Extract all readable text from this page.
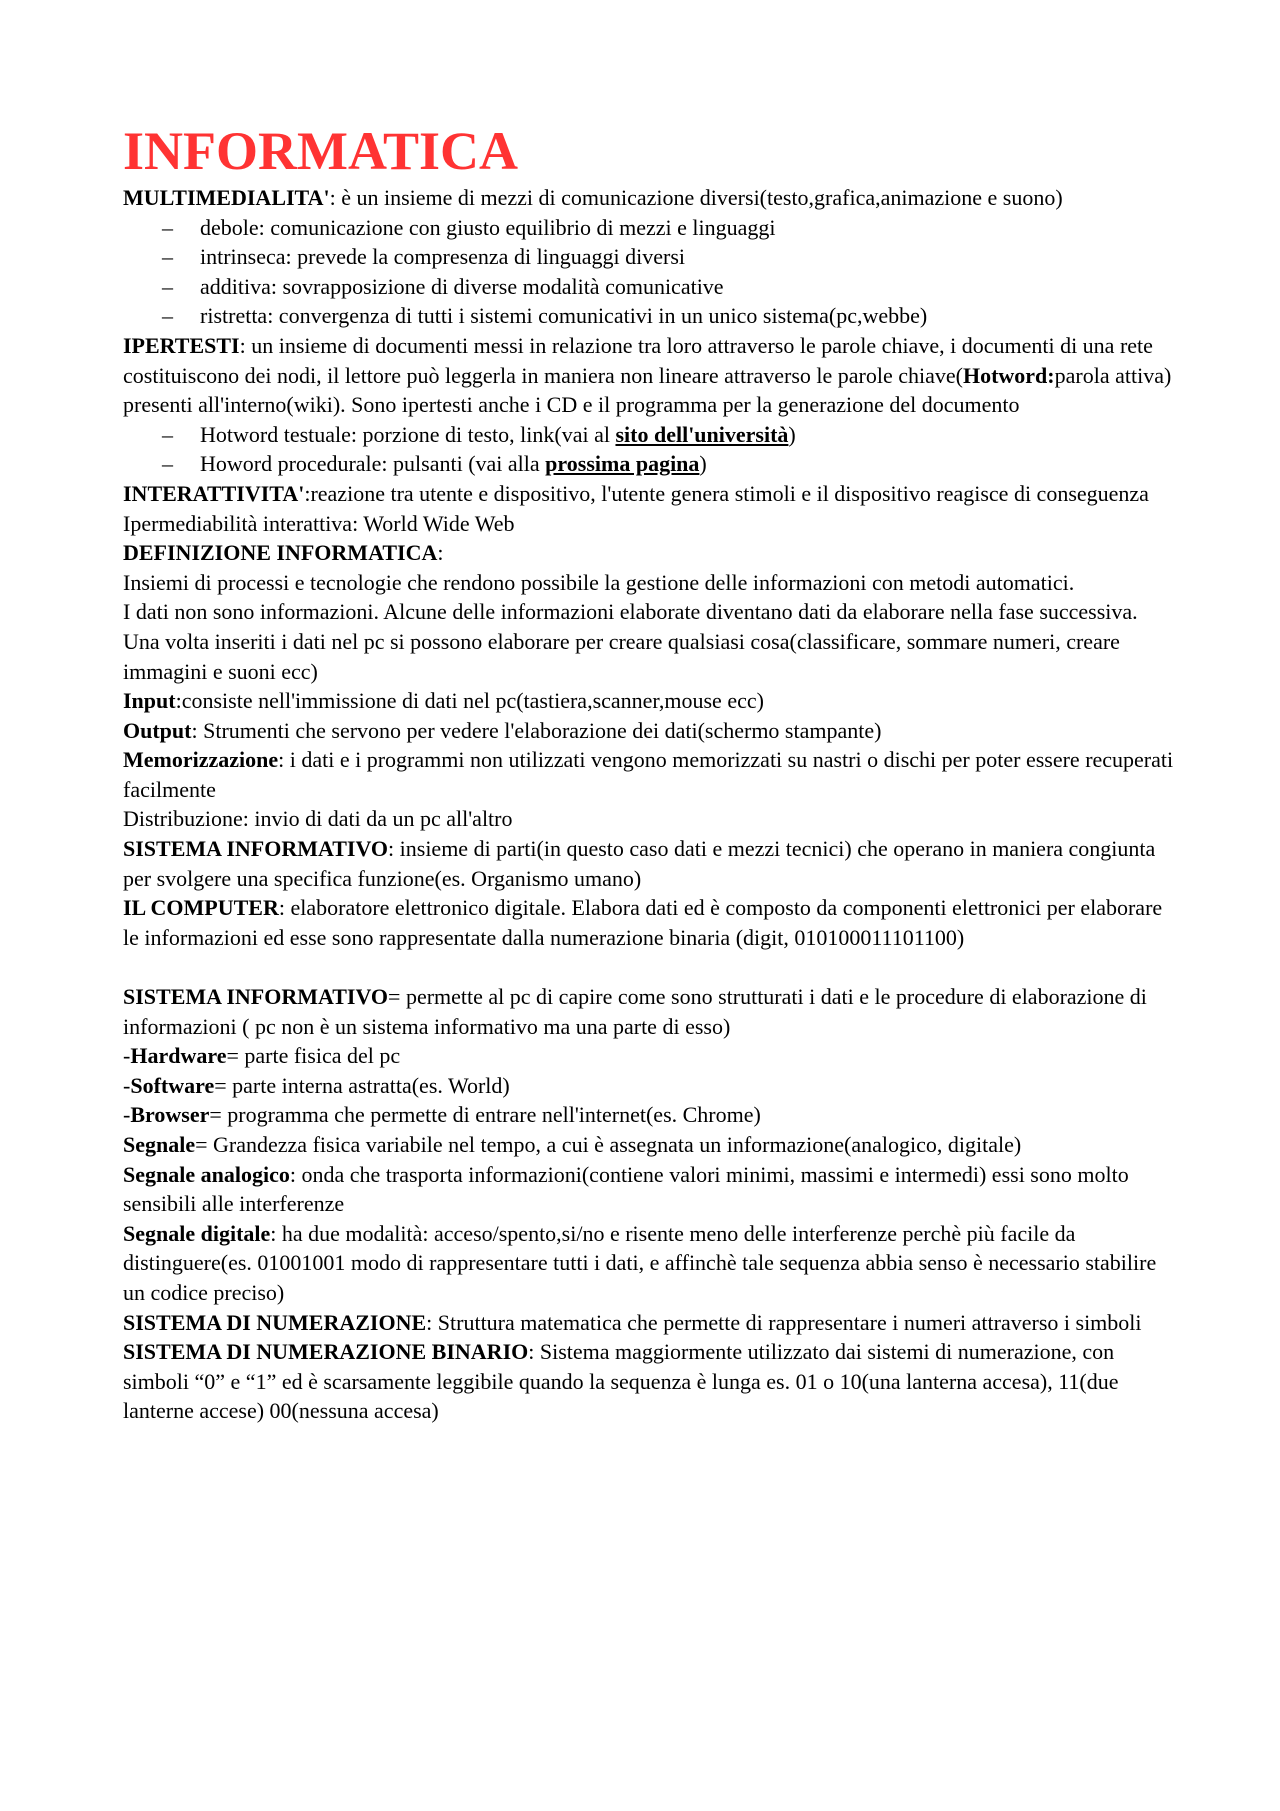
INFORMATICA

MULTIMEDIALITA': è un insieme di mezzi di comunicazione diversi(testo,grafica,animazione e suono)

– debole: comunicazione con giusto equilibrio di mezzi e linguaggi
– intrinseca: prevede la compresenza di linguaggi diversi
– additiva: sovrapposizione di diverse modalità comunicative
– ristretta: convergenza di tutti i sistemi comunicativi in un unico sistema(pc,webbe)

IPERTESTI: un insieme di documenti messi in relazione tra loro attraverso le parole chiave, i documenti di una rete costituiscono dei nodi, il lettore può leggerla in maniera non lineare attraverso le parole chiave(Hotword:parola attiva) presenti all'interno(wiki). Sono ipertesti anche i CD e il programma per la generazione del documento

– Hotword testuale: porzione di testo, link(vai al sito dell'università)
– Howord procedurale: pulsanti (vai alla prossima pagina)

INTERATTIVITA':reazione tra utente e dispositivo, l'utente genera stimoli e il dispositivo reagisce di conseguenza

Ipermediabilità interattiva: World Wide Web

DEFINIZIONE INFORMATICA:

Insiemi di processi e tecnologie che rendono possibile la gestione delle informazioni con metodi automatici.

I dati non sono informazioni. Alcune delle informazioni elaborate diventano dati da elaborare nella fase successiva. Una volta inseriti i dati nel pc si possono elaborare per creare qualsiasi cosa(classificare, sommare numeri, creare immagini e suoni ecc)

Input:consiste nell'immissione di dati nel pc(tastiera,scanner,mouse ecc)

Output: Strumenti che servono per vedere l'elaborazione dei dati(schermo stampante)

Memorizzazione: i dati e i programmi non utilizzati vengono memorizzati su nastri o dischi per poter essere recuperati facilmente

Distribuzione: invio di dati da un pc all'altro

SISTEMA INFORMATIVO: insieme di parti(in questo caso dati e mezzi tecnici) che operano in maniera congiunta per svolgere una specifica funzione(es. Organismo umano)

IL COMPUTER: elaboratore elettronico digitale. Elabora dati ed è composto da componenti elettronici per elaborare le informazioni ed esse sono rappresentate dalla numerazione binaria (digit, 010100011101100)

SISTEMA INFORMATIVO= permette al pc di capire come sono strutturati i dati e le procedure di elaborazione di informazioni ( pc non è un sistema informativo ma una parte di esso)

-Hardware= parte fisica del pc

-Software= parte interna astratta(es. World)

-Browser= programma che permette di entrare nell'internet(es. Chrome)

Segnale= Grandezza fisica variabile nel tempo, a cui è assegnata un informazione(analogico, digitale)

Segnale analogico: onda che trasporta informazioni(contiene valori minimi, massimi e intermedi) essi sono molto sensibili alle interferenze

Segnale digitale: ha due modalità: acceso/spento,si/no e risente meno delle interferenze perchè più facile da distinguere(es. 01001001 modo di rappresentare tutti i dati, e affinchè tale sequenza abbia senso è necessario stabilire un codice preciso)

SISTEMA DI NUMERAZIONE: Struttura matematica che permette di rappresentare i numeri attraverso i simboli

SISTEMA DI NUMERAZIONE BINARIO: Sistema maggiormente utilizzato dai sistemi di numerazione, con simboli “0” e “1” ed è scarsamente leggibile quando la sequenza è lunga es. 01 o 10(una lanterna accesa), 11(due lanterne accese) 00(nessuna accesa)
